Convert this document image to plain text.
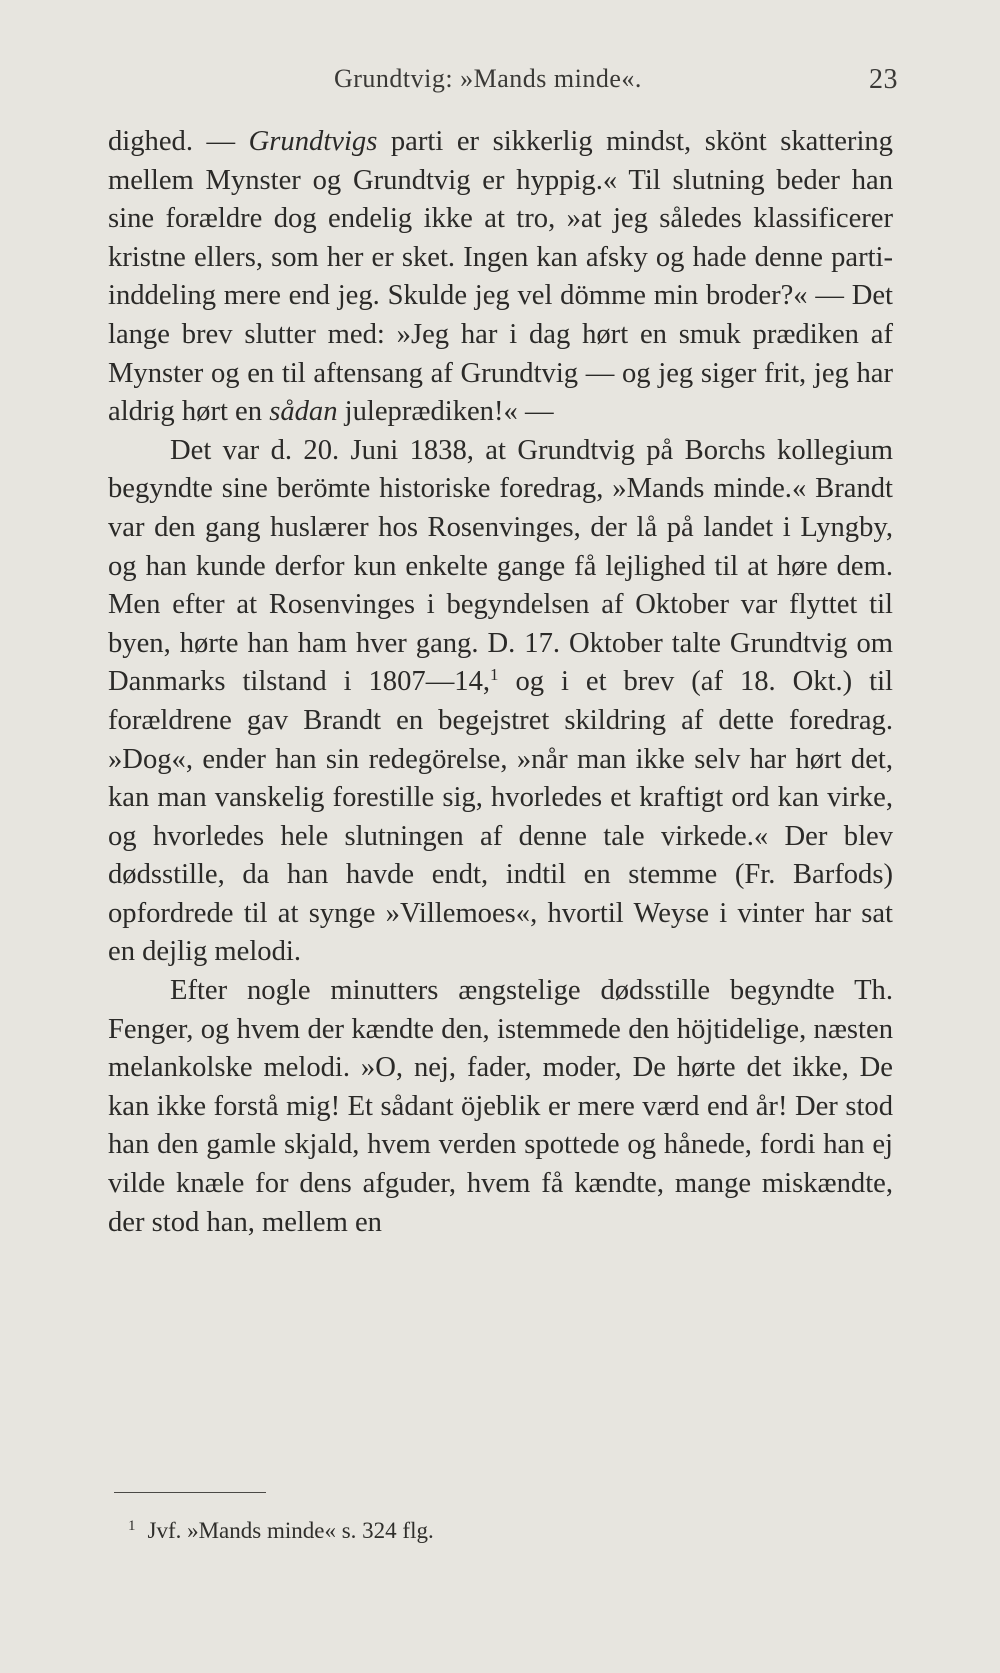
Grundtvig: »Mands minde«.	23

dighed. — Grundtvigs parti er sikkerlig mindst, skönt skattering mellem Mynster og Grundtvig er hyppig.« Til slutning beder han sine forældre dog endelig ikke at tro, »at jeg således klassificerer kristne ellers, som her er sket. Ingen kan afsky og hade denne parti-inddeling mere end jeg. Skulde jeg vel dömme min broder?« — Det lange brev slutter med: »Jeg har i dag hørt en smuk prædiken af Mynster og en til aftensang af Grundtvig — og jeg siger frit, jeg har aldrig hørt en sådan juleprædiken!« —

Det var d. 20. Juni 1838, at Grundtvig på Borchs kollegium begyndte sine berömte historiske foredrag, »Mands minde.« Brandt var den gang huslærer hos Rosenvinges, der lå på landet i Lyngby, og han kunde derfor kun enkelte gange få lejlighed til at høre dem. Men efter at Rosenvinges i begyndelsen af Oktober var flyttet til byen, hørte han ham hver gang. D. 17. Oktober talte Grundtvig om Danmarks tilstand i 1807—14,$^1$ og i et brev (af 18. Okt.) til forældrene gav Brandt en begejstret skildring af dette foredrag. »Dog«, ender han sin redegörelse, »når man ikke selv har hørt det, kan man vanskelig forestille sig, hvorledes et kraftigt ord kan virke, og hvorledes hele slutningen af denne tale virkede.« Der blev dødsstille, da han havde endt, indtil en stemme (Fr. Barfods) opfordrede til at synge »Villemoes«, hvortil Weyse i vinter har sat en dejlig melodi.

Efter nogle minutters ængstelige dødsstille begyndte Th. Fenger, og hvem der kændte den, istemmede den höjtidelige, næsten melankolske melodi. »O, nej, fader, moder, De hørte det ikke, De kan ikke forstå mig! Et sådant öjeblik er mere værd end år! Der stod han den gamle skjald, hvem verden spottede og hånede, fordi han ej vilde knæle for dens afguder, hvem få kændte, mange miskændte, der stod han, mellem en

$^1$ Jvf. »Mands minde« s. 324 flg.
